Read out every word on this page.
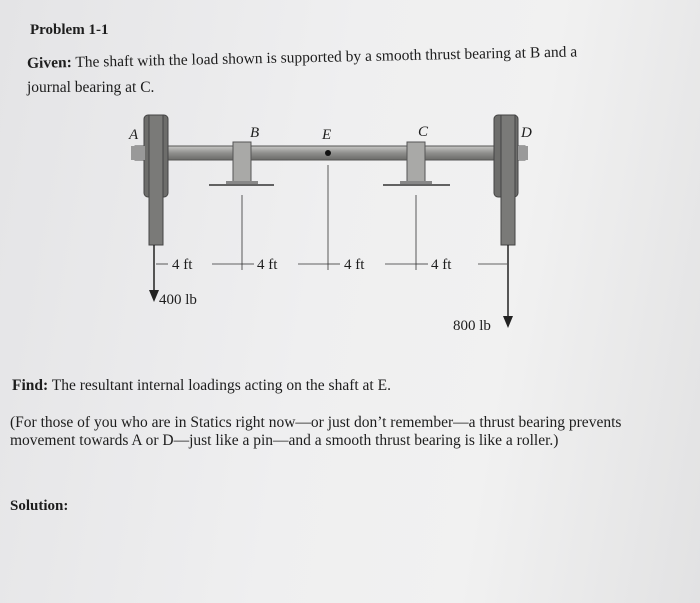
Problem 1-1
Given: The shaft with the load shown is supported by a smooth thrust bearing at B and a
journal bearing at C.
A	B	E	C	D
4 ft	4 ft	4 ft	4 ft
400 lb
800 lb
Find: The resultant internal loadings acting on the shaft at E.
(For those of you who are in Statics right now—or just don’t remember—a thrust bearing prevents movement towards A or D—just like a pin—and a smooth thrust bearing is like a roller.)
Solution:
